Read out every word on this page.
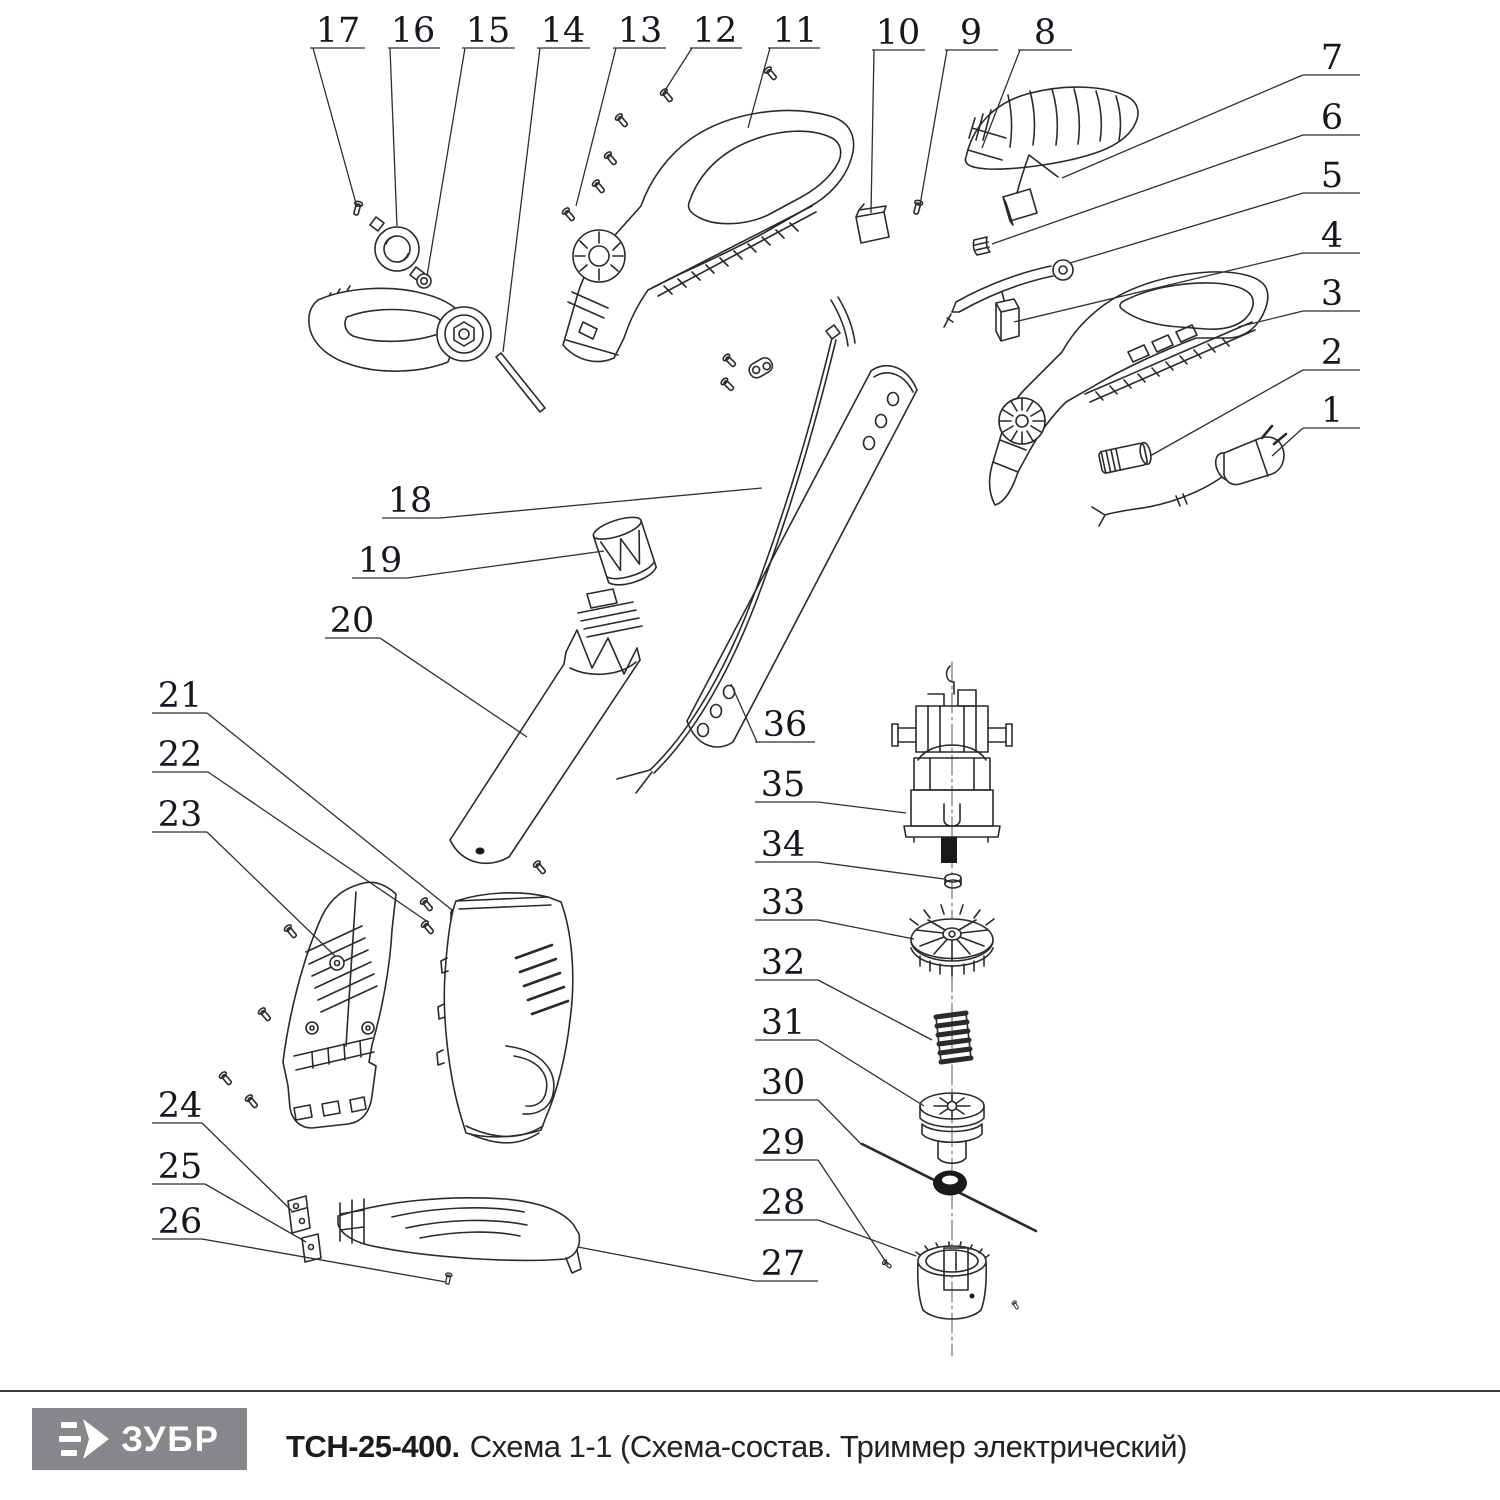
1
2
3
4
5
6
7
8
9
10
11
12
13
14
15
16
17
18
19
20
21
22
23
24
25
26
27
28
29
30
31
32
33
34
35
36
ЗУБР ТСН-25-400. Схема 1-1 (Схема-состав. Триммер электрический)
